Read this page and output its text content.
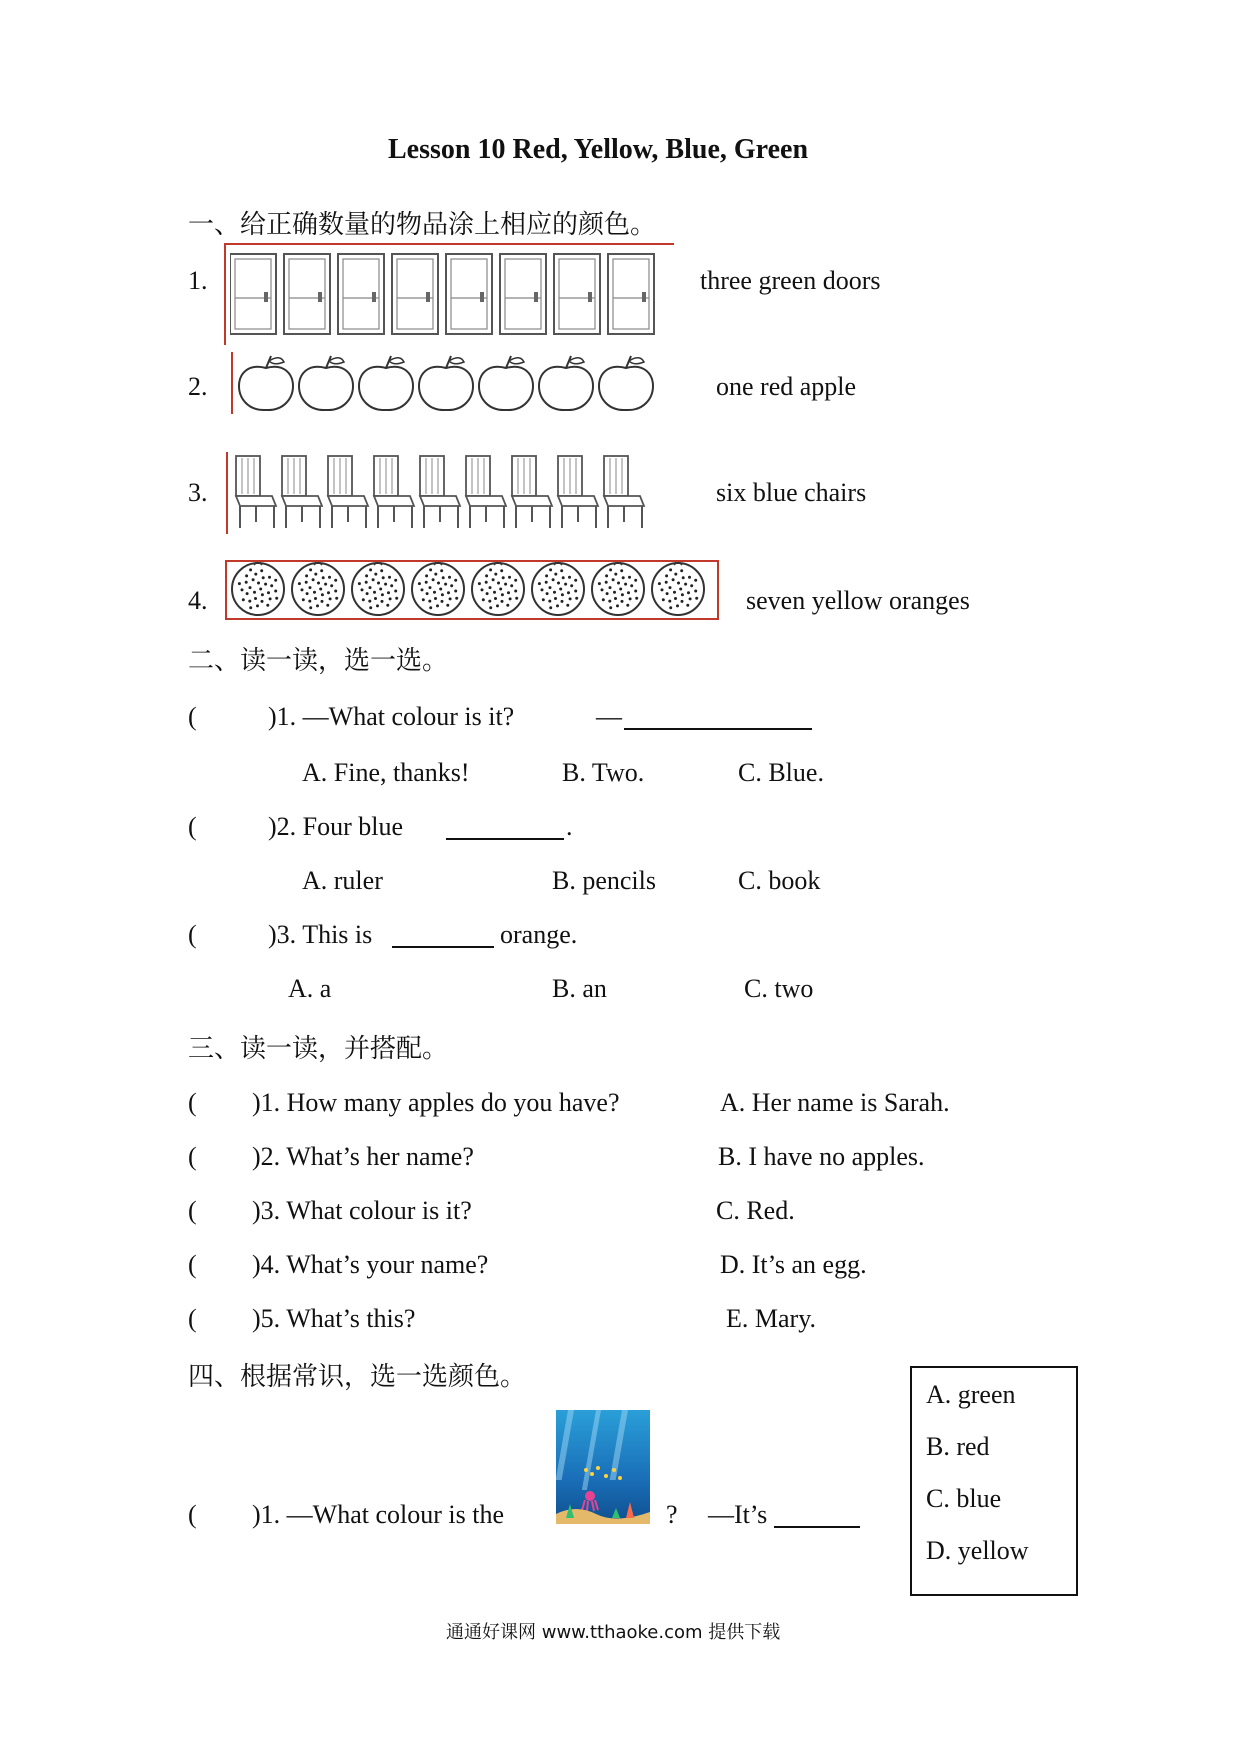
Lesson 10 Red, Yellow, Blue, Green
一、给正确数量的物品涂上相应的颜色。
1.	three green doors
2.	one red apple
3.	six blue chairs
4.	seven yellow oranges
二、读一读，选一选。
(	)1. —What colour is it?	—
A. Fine, thanks!	B. Two.	C. Blue.
(	)2. Four blue	.
A. ruler	B. pencils	C. book
(	)3. This is	orange.
A. a	B. an	C. two
三、读一读，并搭配。
( )1. How many apples do you have?	A. Her name is Sarah.
( )2. What’s her name?	B. I have no apples.
( )3. What colour is it?	C. Red.
( )4. What’s your name?	D. It’s an egg.
( )5. What’s this?	E. Mary.
四、根据常识，选一选颜色。
( )1. —What colour is the	? —It’s
A. green
B. red
C. blue
D. yellow
通通好课网 www.tthaoke.com 提供下载
